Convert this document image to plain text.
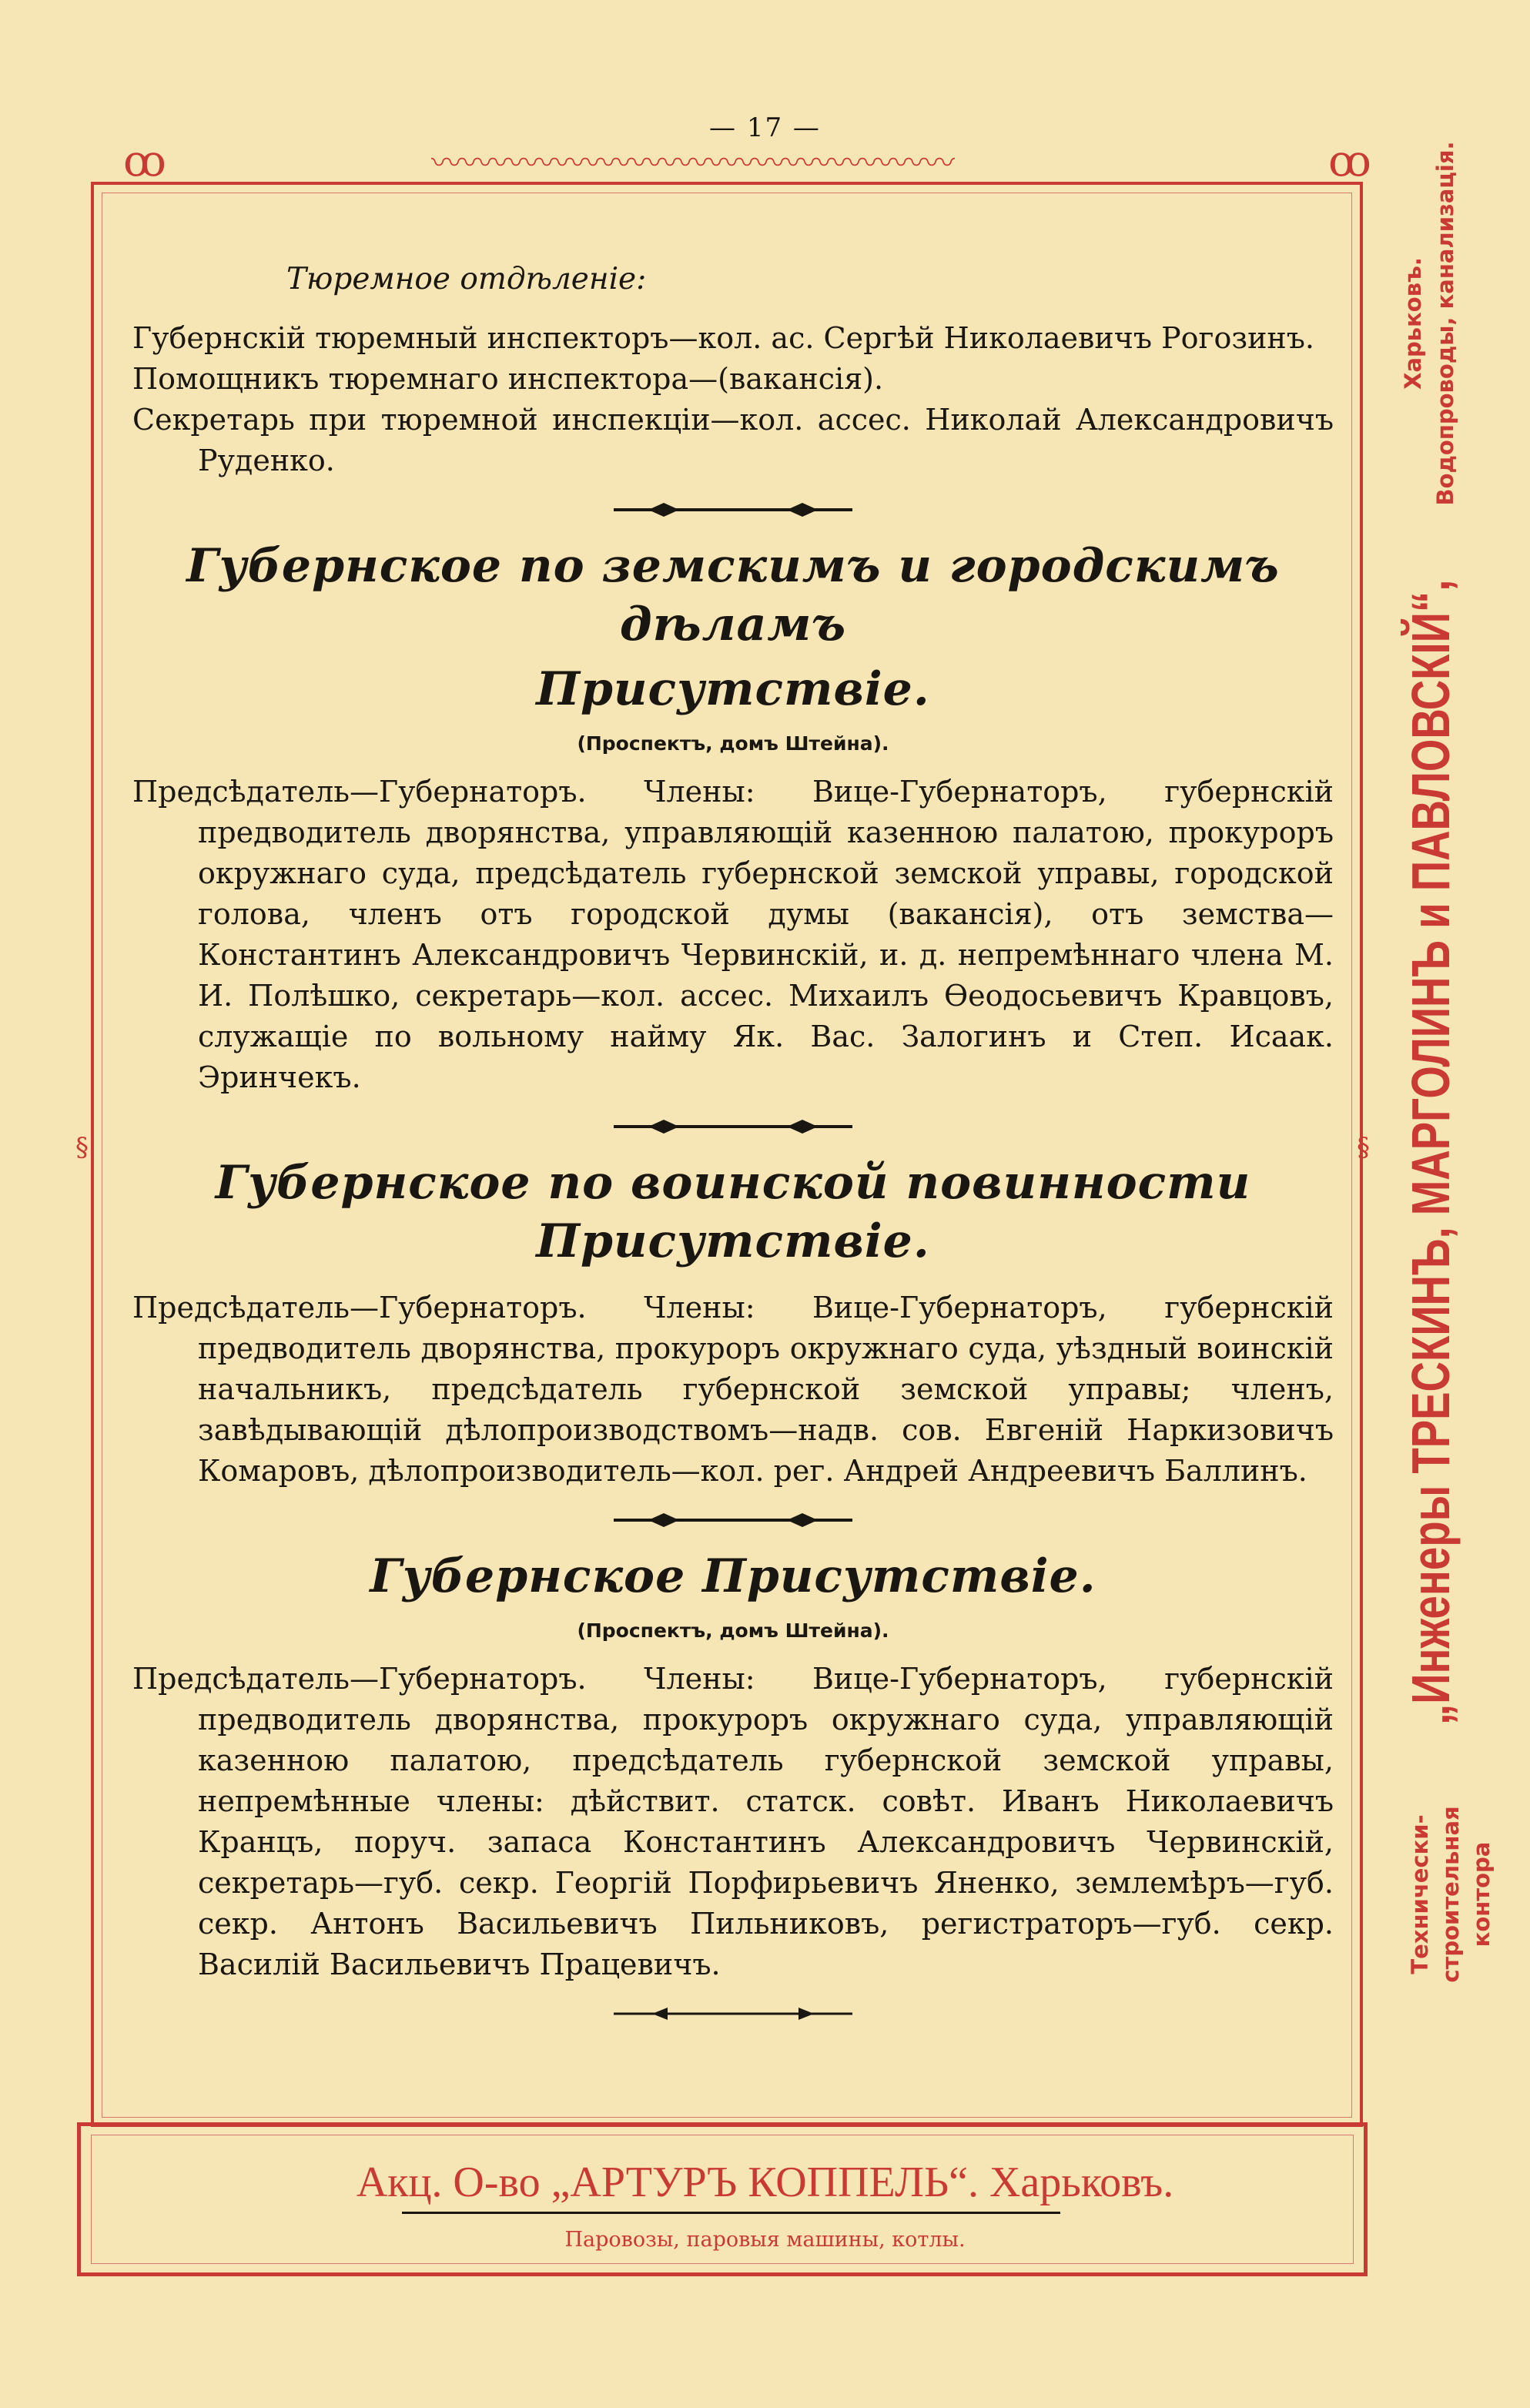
— 17 —
ꝏ	ꝏ
〰〰〰〰〰〰〰〰〰〰〰〰〰〰〰〰〰
§	§
Тюремное отдѣленіе:

Губернскій тюремный инспекторъ—кол. ас. Сергѣй Николаевичъ Рогозинъ.

Помощникъ тюремнаго инспектора—(вакансія).

Секретарь при тюремной инспекціи—кол. ассес. Николай Александровичъ Руденко.

Губернское по земскимъ и городскимъ дѣламъ
Присутствіе.
(Проспектъ, домъ Штейна).

Предсѣдатель—Губернаторъ. Члены: Вице-Губернаторъ, губернскій предводитель дворянства, управляющій казенною палатою, прокуроръ окружнаго суда, предсѣдатель губернской земской управы, городской голова, членъ отъ городской думы (вакансія), отъ земства—Константинъ Александровичъ Червинскій, и. д. непремѣннаго члена М. И. Полѣшко, секретарь—кол. ассес. Михаилъ Ѳеодосьевичъ Кравцовъ, служащіе по вольному найму Як. Вас. Залогинъ и Степ. Исаак. Эринчекъ.

Губернское по воинской повинности Присутствіе.

Предсѣдатель—Губернаторъ. Члены: Вице-Губернаторъ, губернскій предводитель дворянства, прокуроръ окружнаго суда, уѣздный воинскій начальникъ, предсѣдатель губернской земской управы; членъ, завѣдывающій дѣлопроизводствомъ—надв. сов. Евгеній Наркизовичъ Комаровъ, дѣлопроизводитель—кол. рег. Андрей Андреевичъ Баллинъ.

Губернское Присутствіе.
(Проспектъ, домъ Штейна).

Предсѣдатель—Губернаторъ. Члены: Вице-Губернаторъ, губернскій предводитель дворянства, прокуроръ окружнаго суда, управляющій казенною палатою, предсѣдатель губернской земской управы, непремѣнные члены: дѣйствит. статск. совѣт. Иванъ Николаевичъ Кранцъ, поруч. запаса Константинъ Александровичъ Червинскій, секретарь—губ. секр. Георгій Порфирьевичъ Яненко, землемѣръ—губ. секр. Антонъ Васильевичъ Пильниковъ, регистраторъ—губ. секр. Василій Васильевичъ Працевичъ.

Акц. О-во „АРТУРЪ КОППЕЛЬ“. Харьковъ.
Паровозы, паровыя машины, котлы.
Технически-строительная контора
„Инженеры ТРЕСКИНЪ, МАРГОЛИНЪ и ПАВЛОВСКІЙ“,
Харьковъ. Водопроводы, канализація.
